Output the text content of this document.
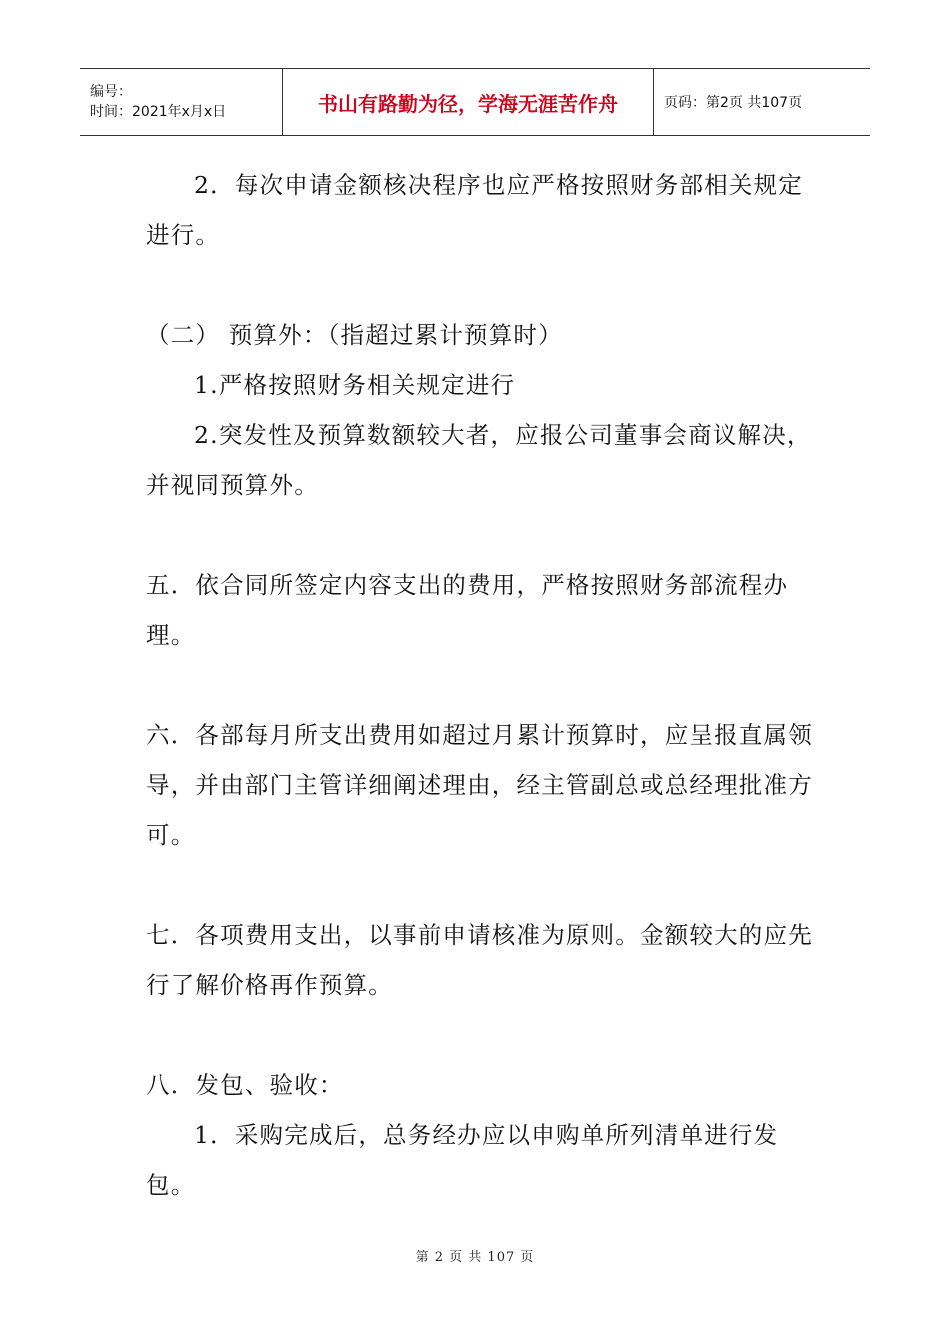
编号：
时间：2021年x月x日	书山有路勤为径，学海无涯苦作舟	页码：第2页 共107页

2．每次申请金额核决程序也应严格按照财务部相关规定进行。

（二） 预算外：（指超过累计预算时）

1.严格按照财务相关规定进行

2.突发性及预算数额较大者，应报公司董事会商议解决，并视同预算外。

五．依合同所签定内容支出的费用，严格按照财务部流程办理。

六．各部每月所支出费用如超过月累计预算时，应呈报直属领导，并由部门主管详细阐述理由，经主管副总或总经理批准方可。

七．各项费用支出，以事前申请核准为原则。金额较大的应先行了解价格再作预算。

八．发包、验收：

1．采购完成后，总务经办应以申购单所列清单进行发包。

第 2 页 共 107 页
